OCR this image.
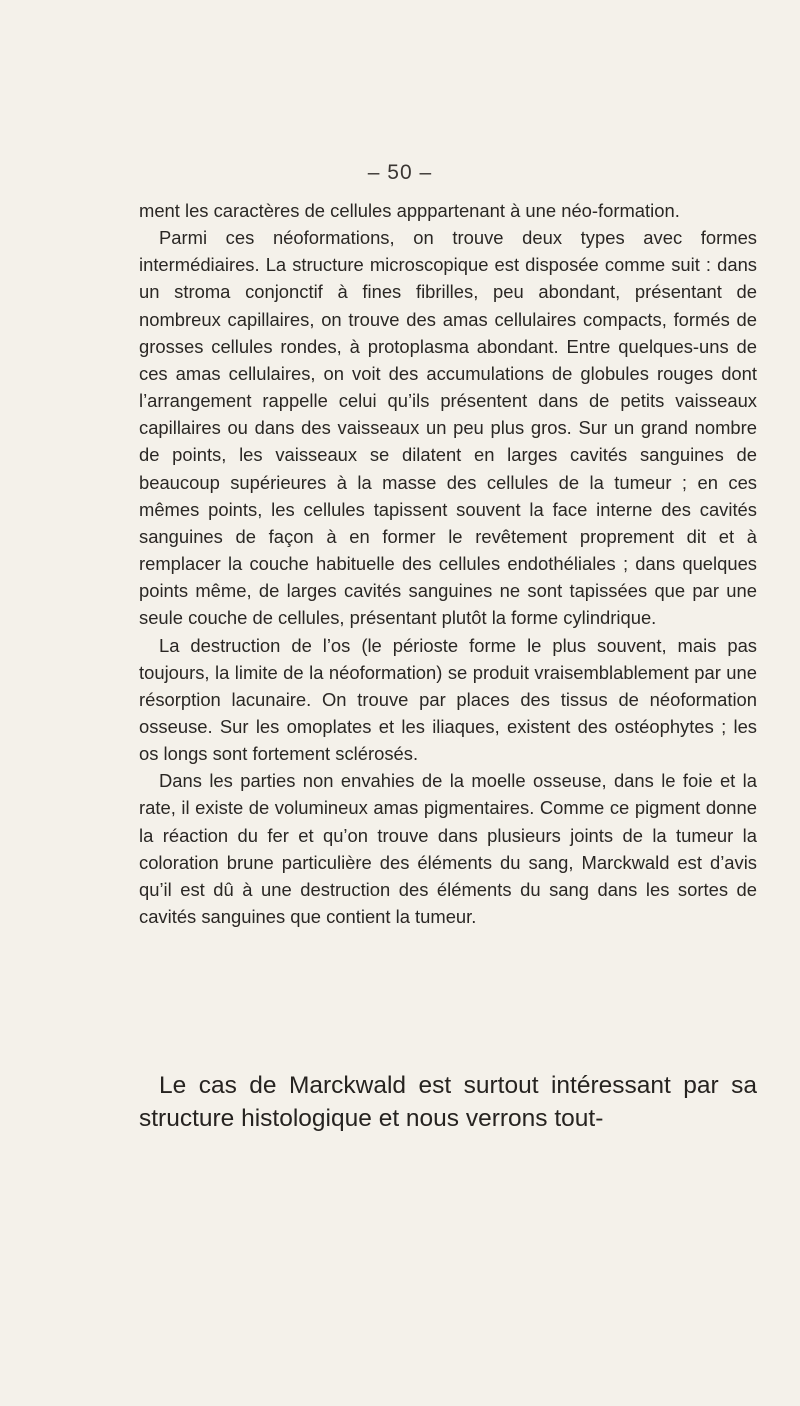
– 50 –

ment les caractères de cellules apppartenant à une néo-formation.

Parmi ces néoformations, on trouve deux types avec formes intermédiaires. La structure microscopique est disposée comme suit : dans un stroma conjonctif à fines fibrilles, peu abondant, présentant de nombreux capillaires, on trouve des amas cellulaires compacts, formés de grosses cellules rondes, à protoplasma abondant. Entre quelques-uns de ces amas cellulaires, on voit des accumulations de globules rouges dont l’arrangement rappelle celui qu’ils présentent dans de petits vaisseaux capillaires ou dans des vaisseaux un peu plus gros. Sur un grand nombre de points, les vaisseaux se dilatent en larges cavités sanguines de beaucoup supérieures à la masse des cellules de la tumeur ; en ces mêmes points, les cellules tapissent souvent la face interne des cavités sanguines de façon à en former le revêtement proprement dit et à remplacer la couche habituelle des cellules endothéliales ; dans quelques points même, de larges cavités sanguines ne sont tapissées que par une seule couche de cellules, présentant plutôt la forme cylindrique.

La destruction de l’os (le périoste forme le plus souvent, mais pas toujours, la limite de la néoformation) se produit vraisemblablement par une résorption lacunaire. On trouve par places des tissus de néoformation osseuse. Sur les omoplates et les iliaques, existent des ostéophytes ; les os longs sont fortement sclérosés.

Dans les parties non envahies de la moelle osseuse, dans le foie et la rate, il existe de volumineux amas pigmentaires. Comme ce pigment donne la réaction du fer et qu’on trouve dans plusieurs joints de la tumeur la coloration brune particulière des éléments du sang, Marckwald est d’avis qu’il est dû à une destruction des éléments du sang dans les sortes de cavités sanguines que contient la tumeur.

Le cas de Marckwald est surtout intéressant par sa structure histologique et nous verrons tout-
